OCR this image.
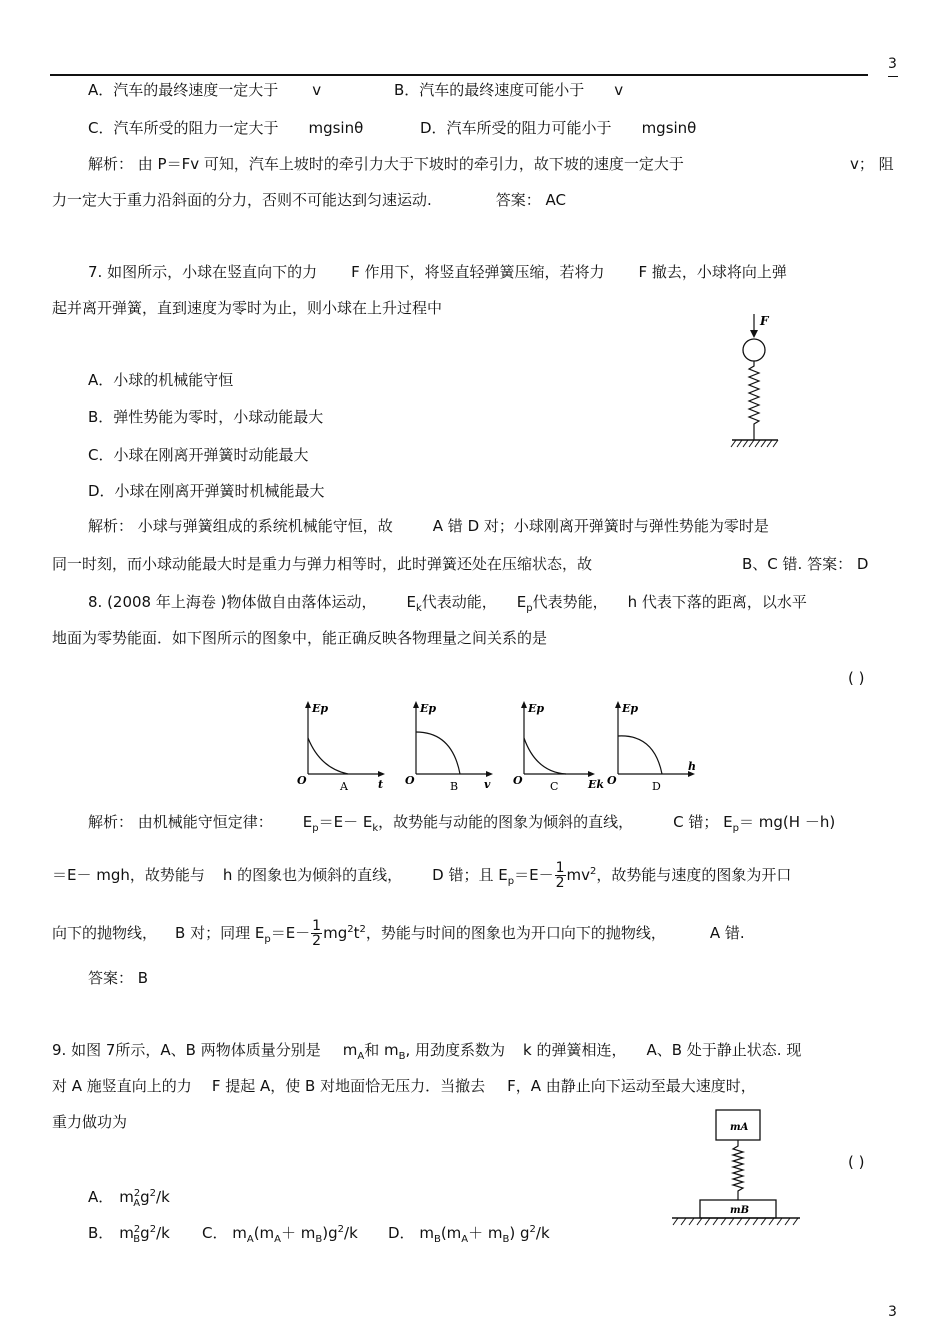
3
A．汽车的最终速度一定大于 v	B．汽车的最终速度可能小于 v
C．汽车所受的阻力一定大于 mgsinθ	D．汽车所受的阻力可能小于 mgsinθ
解析： 由 P＝Fv 可知，汽车上坡时的牵引力大于下坡时的牵引力，故下坡的速度一定大于	v； 阻
力一定大于重力沿斜面的分力，否则不可能达到匀速运动.	答案： AC
7. 如图所示，小球在竖直向下的力 F 作用下，将竖直轻弹簧压缩，若将力 F 撤去，小球将向上弹
起并离开弹簧，直到速度为零时为止，则小球在上升过程中
F
A．小球的机械能守恒
B．弹性势能为零时，小球动能最大
C．小球在刚离开弹簧时动能最大
D．小球在刚离开弹簧时机械能最大
解析： 小球与弹簧组成的系统机械能守恒，故	A 错 D 对；小球刚离开弹簧时与弹性势能为零时是
同一时刻，而小球动能最大时是重力与弹力相等时，此时弹簧还处在压缩状态，故	B、C 错. 答案： D
8. (2008 年上海卷 )物体做自由落体运动， $E_k$代表动能， $E_p$代表势能， h 代表下落的距离，以水平
地面为零势能面．如下图所示的图象中，能正确反映各物理量之间关系的是
( )
Ep
O	t
A
Ep
O	v
B
Ep
O	Ek
C
Ep
O
h
D
解析： 由机械能守恒定律： $E_p=E- E_k$，故势能与动能的图象为倾斜的直线，	C 错； $E_p= mg(H -h)$
＝E－ mgh，故势能与 h 的图象也为倾斜的直线， D 错；且 $E_p=E- \frac{1}{2} mv^2$，故势能与速度的图象为开口
向下的抛物线， B 对；同理 $E_p=E- \frac{1}{2} mg^2t^2$，势能与时间的图象也为开口向下的抛物线，	A 错.
答案： B
9. 如图 7所示，A、B 两物体质量分别是 $m_A$和 $m_B$, 用劲度系数为 k 的弹簧相连， A、B 处于静止状态. 现
对 A 施竖直向上的力 F 提起 A，使 B 对地面恰无压力．当撤去 F，A 由静止向下运动至最大速度时，
重力做功为
( )
mA
mB
A． $m^2_Ag^2/k$
B． $m^2_Bg^2/k$ C． $m_A(m_A+ m_B)g^2/k$ D． $m_B(m_A+ m_B)$ $g^2/k$
3
